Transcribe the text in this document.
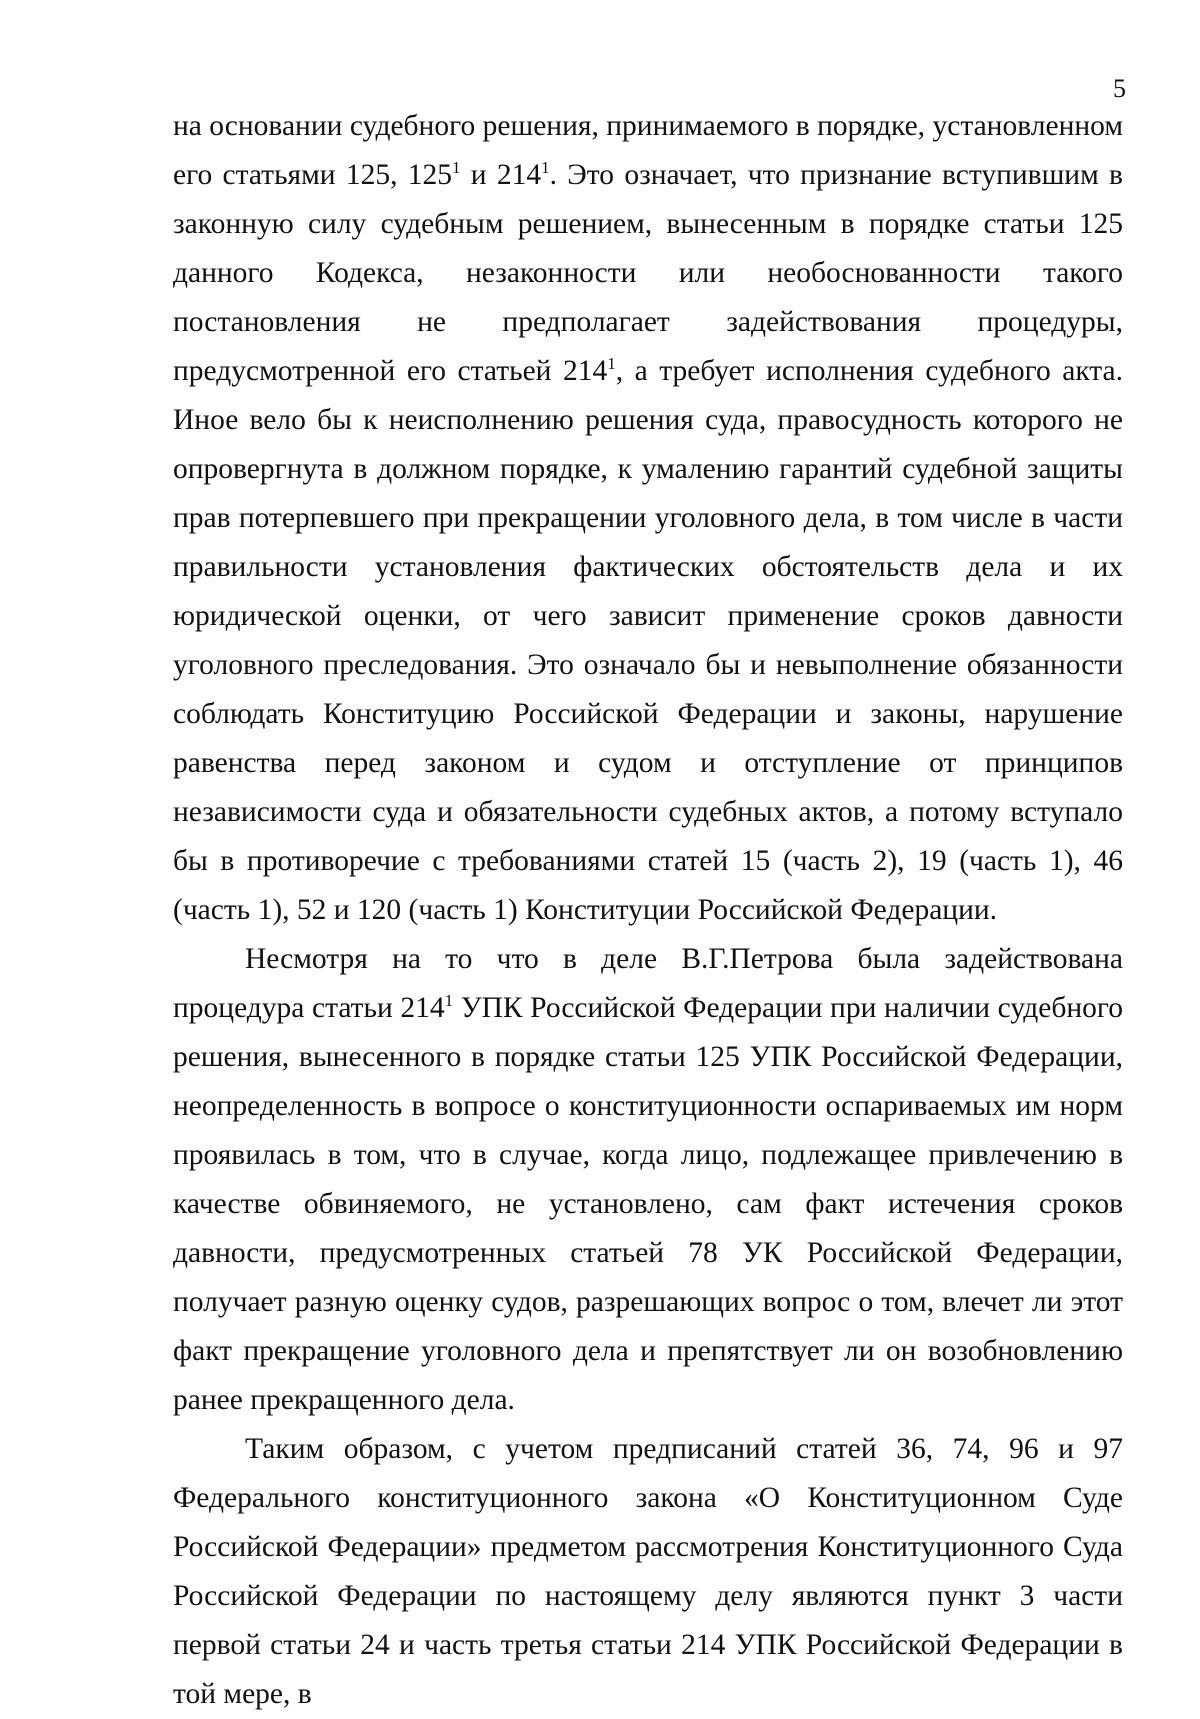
5

на основании судебного решения, принимаемого в порядке, установленном его статьями 125, $125^1$ и $214^1$. Это означает, что признание вступившим в законную силу судебным решением, вынесенным в порядке статьи 125 данного Кодекса, незаконности или необоснованности такого постановления не предполагает задействования процедуры, предусмотренной его статьей $214^1$, а требует исполнения судебного акта. Иное вело бы к неисполнению решения суда, правосудность которого не опровергнута в должном порядке, к умалению гарантий судебной защиты прав потерпевшего при прекращении уголовного дела, в том числе в части правильности установления фактических обстоятельств дела и их юридической оценки, от чего зависит применение сроков давности уголовного преследования. Это означало бы и невыполнение обязанности соблюдать Конституцию Российской Федерации и законы, нарушение равенства перед законом и судом и отступление от принципов независимости суда и обязательности судебных актов, а потому вступало бы в противоречие с требованиями статей 15 (часть 2), 19 (часть 1), 46 (часть 1), 52 и 120 (часть 1) Конституции Российской Федерации.

Несмотря на то что в деле В.Г.Петрова была задействована процедура статьи $214^1$ УПК Российской Федерации при наличии судебного решения, вынесенного в порядке статьи 125 УПК Российской Федерации, неопределенность в вопросе о конституционности оспариваемых им норм проявилась в том, что в случае, когда лицо, подлежащее привлечению в качестве обвиняемого, не установлено, сам факт истечения сроков давности, предусмотренных статьей 78 УК Российской Федерации, получает разную оценку судов, разрешающих вопрос о том, влечет ли этот факт прекращение уголовного дела и препятствует ли он возобновлению ранее прекращенного дела.

Таким образом, с учетом предписаний статей 36, 74, 96 и 97 Федерального конституционного закона «О Конституционном Суде Российской Федерации» предметом рассмотрения Конституционного Суда Российской Федерации по настоящему делу являются пункт 3 части первой статьи 24 и часть третья статьи 214 УПК Российской Федерации в той мере, в
